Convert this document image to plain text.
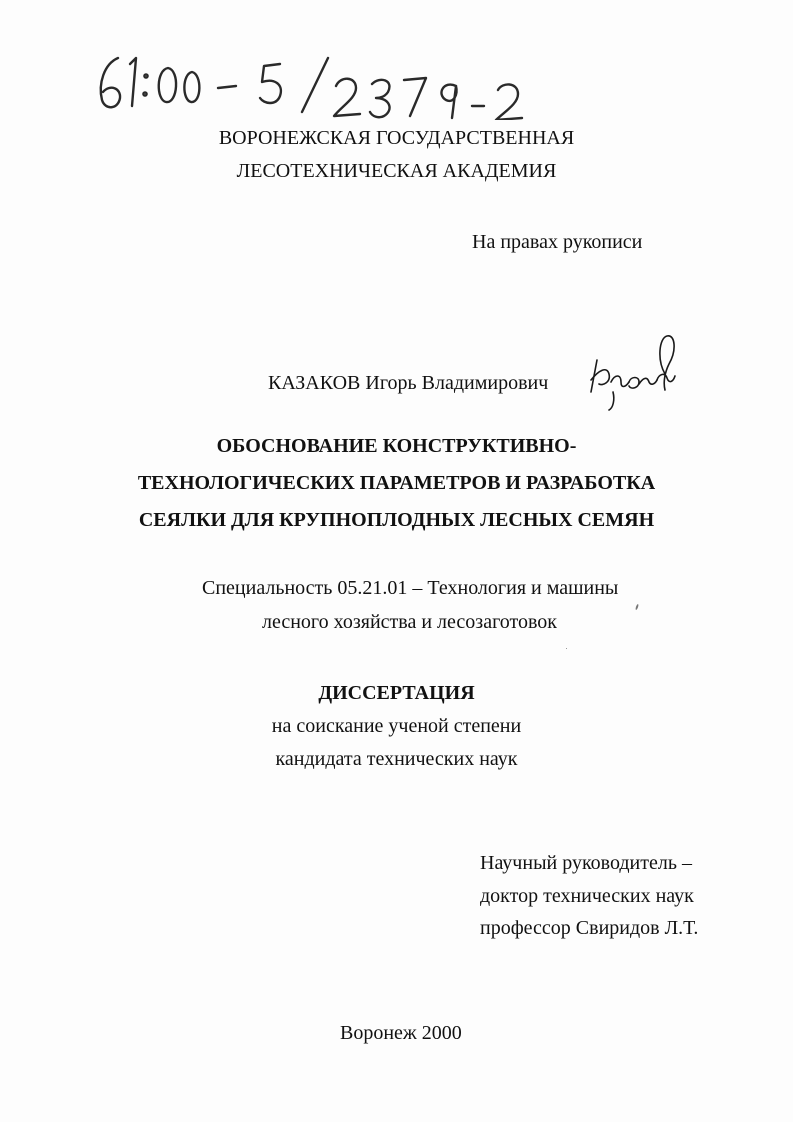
ВОРОНЕЖСКАЯ ГОСУДАРСТВЕННАЯ
ЛЕСОТЕХНИЧЕСКАЯ АКАДЕМИЯ
На правах рукописи
КАЗАКОВ Игорь Владимирович
ОБОСНОВАНИЕ КОНСТРУКТИВНО-
ТЕХНОЛОГИЧЕСКИХ ПАРАМЕТРОВ И РАЗРАБОТКА
СЕЯЛКИ ДЛЯ КРУПНОПЛОДНЫХ ЛЕСНЫХ СЕМЯН
Специальность 05.21.01 – Технология и машины
лесного хозяйства и лесозаготовок
ДИССЕРТАЦИЯ
на соискание ученой степени
кандидата технических наук
Научный руководитель –
доктор технических наук
профессор Свиридов Л.Т.
Воронеж 2000
